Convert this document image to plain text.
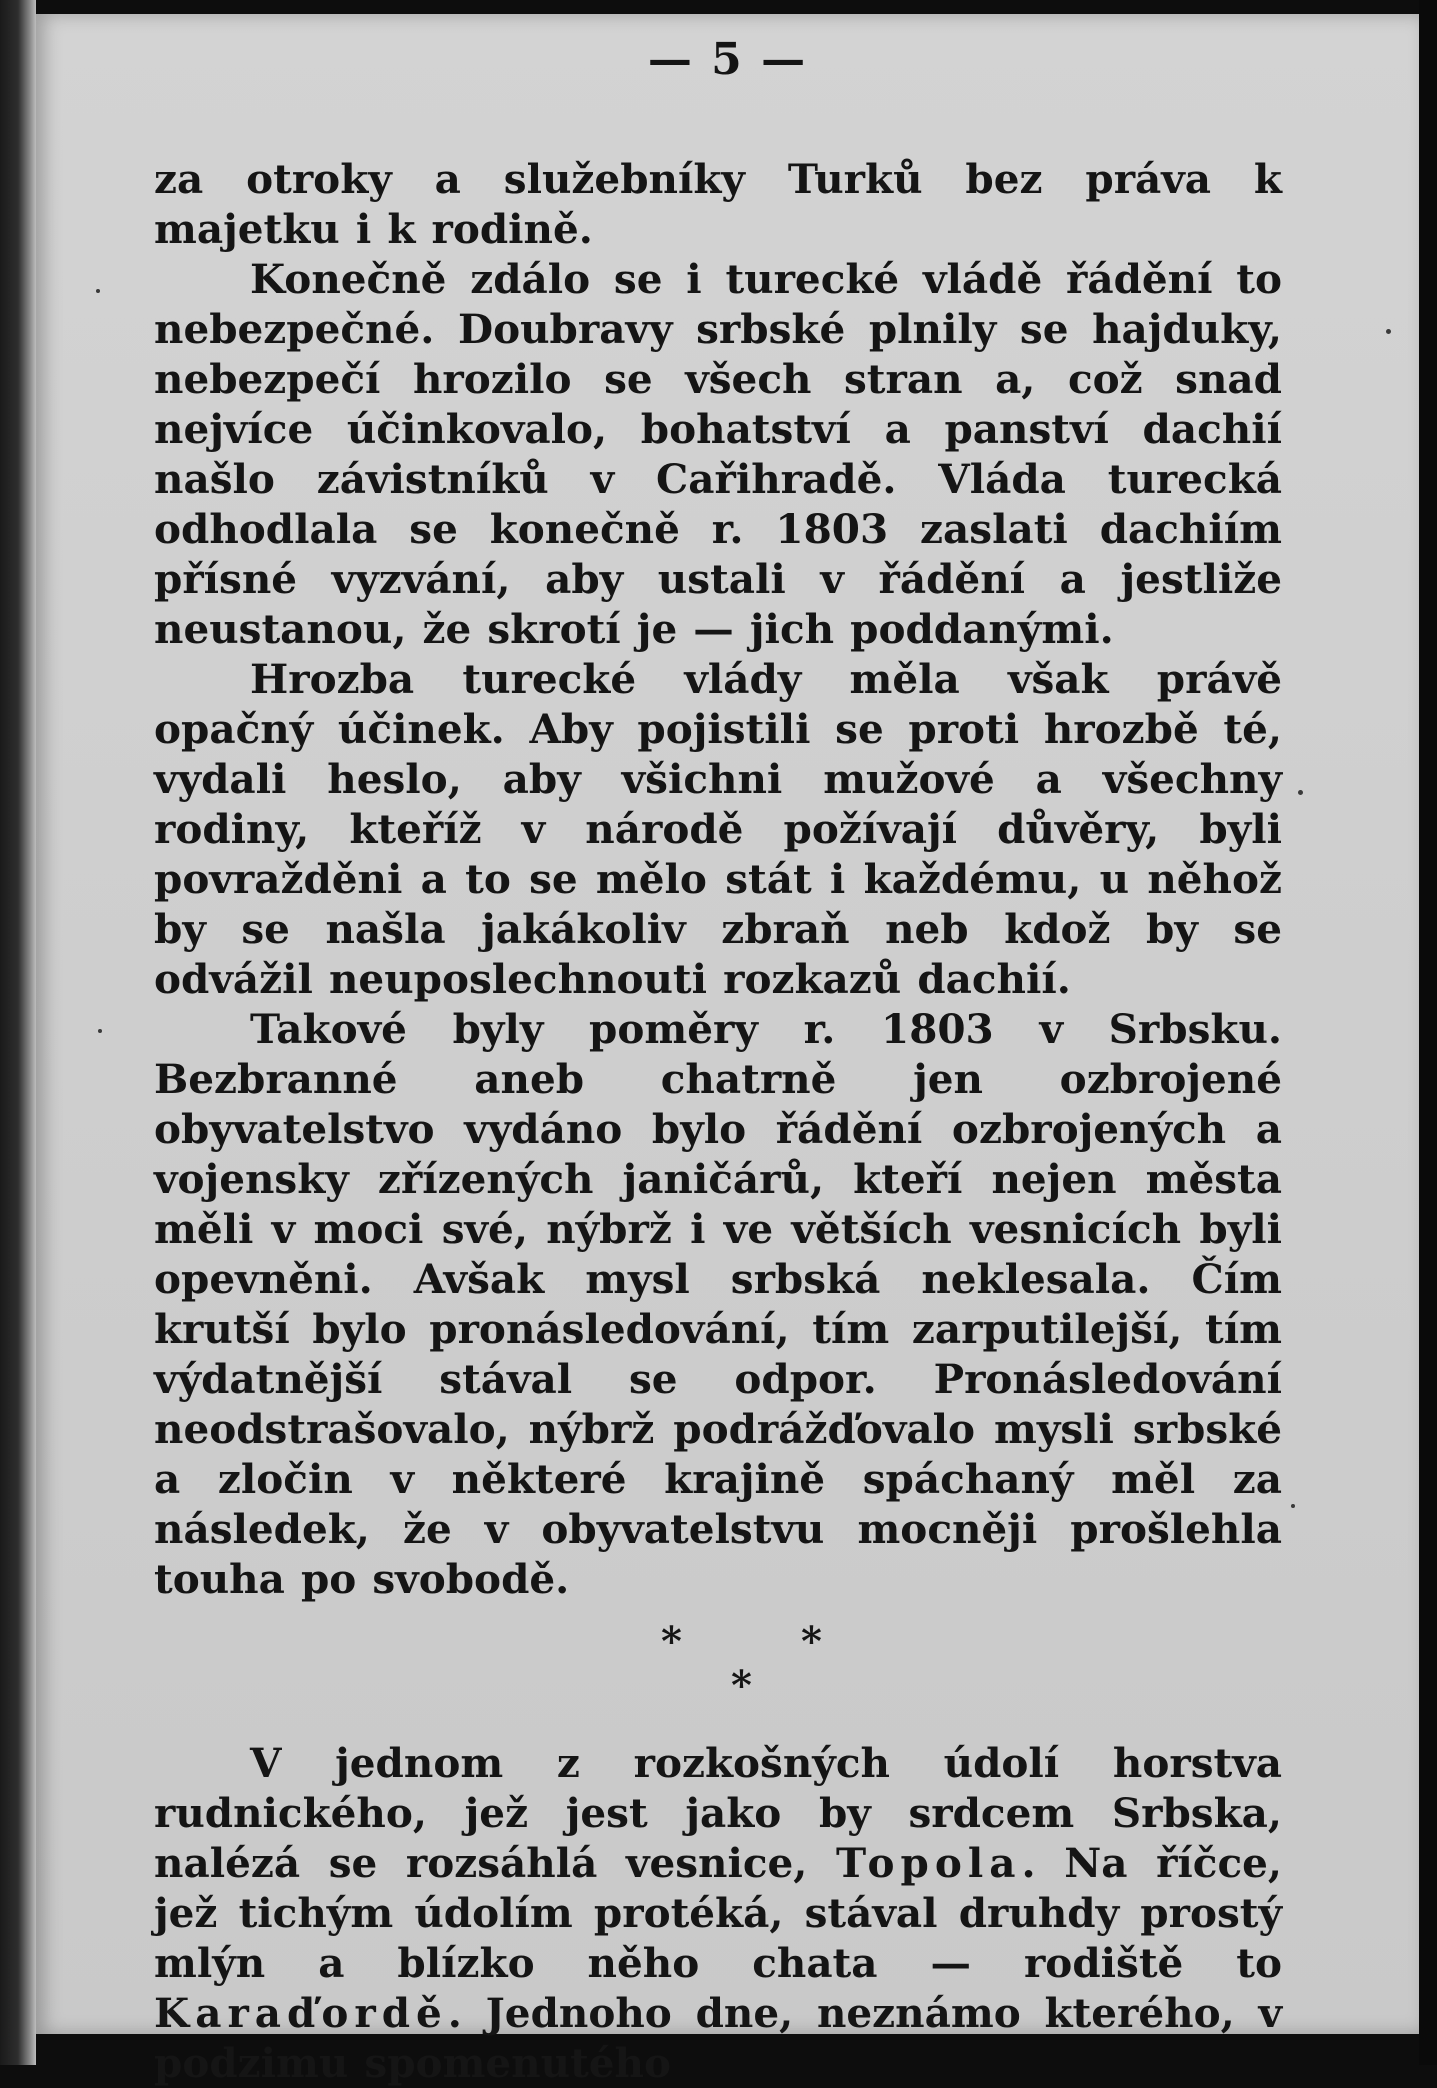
— 5 —

za otroky a služebníky Turků bez práva k majetku i k rodině.

Konečně zdálo se i turecké vládě řádění to nebezpečné. Doubravy srbské plnily se hajduky, nebezpečí hrozilo se všech stran a, což snad nejvíce účinkovalo, bohatství a panství dachií našlo závistníků v Cařihradě. Vláda turecká odhodlala se konečně r. 1803 zaslati dachiím přísné vyzvání, aby ustali v řádění a jestliže neustanou, že skrotí je — jich poddanými.

Hrozba turecké vlády měla však právě opačný účinek. Aby pojistili se proti hrozbě té, vydali heslo, aby všichni mužové a všechny rodiny, kteříž v národě požívají důvěry, byli povražděni a to se mělo stát i každému, u něhož by se našla jakákoliv zbraň neb kdož by se odvážil neuposlechnouti rozkazů dachií.

Takové byly poměry r. 1803 v Srbsku. Bezbranné aneb chatrně jen ozbrojené obyvatelstvo vydáno bylo řádění ozbrojených a vojensky zřízených janičárů, kteří nejen města měli v moci své, nýbrž i ve větších vesnicích byli opevněni. Avšak mysl srbská neklesala. Čím krutší bylo pronásledování, tím zarputilejší, tím výdatnější stával se odpor. Pronásledování neodstrašovalo, nýbrž podrážďovalo mysli srbské a zločin v některé krajině spáchaný měl za následek, že v obyvatelstvu mocněji prošlehla touha po svobodě.

*	*
*

V jednom z rozkošných údolí horstva rudnického, jež jest jako by srdcem Srbska, nalézá se rozsáhlá vesnice, Topola. Na říčce, jež tichým údolím protéká, stával druhdy prostý mlýn a blízko něho chata — rodiště to Karaďordě. Jednoho dne, neznámo kterého, v podzimu spomenutého
